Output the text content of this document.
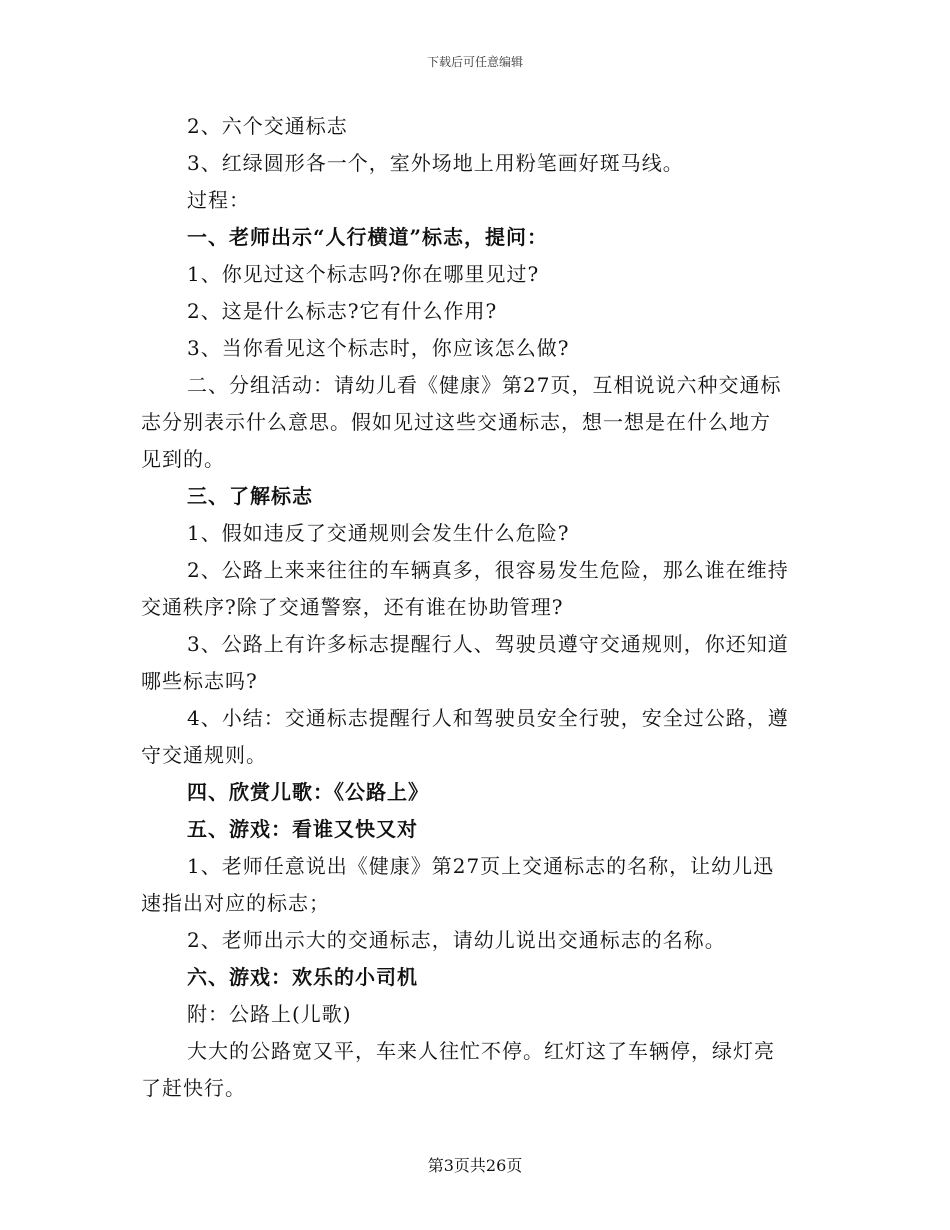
下载后可任意编辑
2、六个交通标志
3、红绿圆形各一个，室外场地上用粉笔画好斑马线。
过程：
一、老师出示“人行横道”标志，提问：
1、你见过这个标志吗?你在哪里见过?
2、这是什么标志?它有什么作用?
3、当你看见这个标志时，你应该怎么做?
二、分组活动：请幼儿看《健康》第27页，互相说说六种交通标
志分别表示什么意思。假如见过这些交通标志，想一想是在什么地方
见到的。
三、了解标志
1、假如违反了交通规则会发生什么危险?
2、公路上来来往往的车辆真多，很容易发生危险，那么谁在维持
交通秩序?除了交通警察，还有谁在协助管理?
3、公路上有许多标志提醒行人、驾驶员遵守交通规则，你还知道
哪些标志吗?
4、小结：交通标志提醒行人和驾驶员安全行驶，安全过公路，遵
守交通规则。
四、欣赏儿歌：《公路上》
五、游戏：看谁又快又对
1、老师任意说出《健康》第27页上交通标志的名称，让幼儿迅
速指出对应的标志；
2、老师出示大的交通标志，请幼儿说出交通标志的名称。
六、游戏：欢乐的小司机
附：公路上(儿歌)
大大的公路宽又平，车来人往忙不停。红灯这了车辆停，绿灯亮
了赶快行。
第3页共26页
